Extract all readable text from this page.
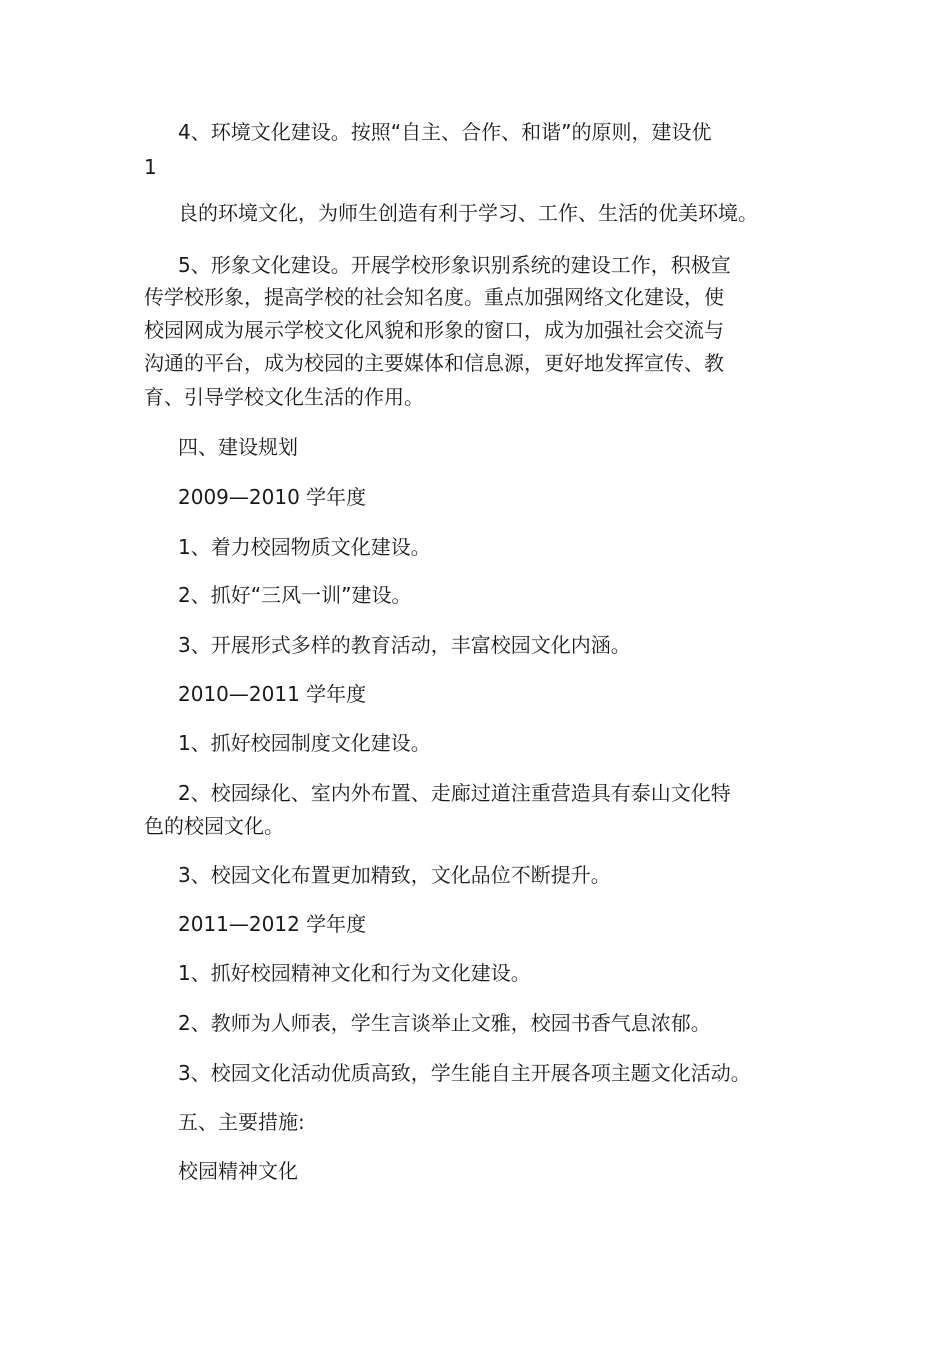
4、环境文化建设。按照“自主、合作、和谐”的原则，建设优

1

良的环境文化，为师生创造有利于学习、工作、生活的优美环境。

5、形象文化建设。开展学校形象识别系统的建设工作，积极宣

传学校形象，提高学校的社会知名度。重点加强网络文化建设，使

校园网成为展示学校文化风貌和形象的窗口，成为加强社会交流与

沟通的平台，成为校园的主要媒体和信息源，更好地发挥宣传、教

育、引导学校文化生活的作用。

四、建设规划

2009—2010 学年度

1、着力校园物质文化建设。

2、抓好“三风一训”建设。

3、开展形式多样的教育活动，丰富校园文化内涵。

2010—2011 学年度

1、抓好校园制度文化建设。

2、校园绿化、室内外布置、走廊过道注重营造具有泰山文化特

色的校园文化。

3、校园文化布置更加精致，文化品位不断提升。

2011—2012 学年度

1、抓好校园精神文化和行为文化建设。

2、教师为人师表，学生言谈举止文雅，校园书香气息浓郁。

3、校园文化活动优质高致，学生能自主开展各项主题文化活动。

五、主要措施:

校园精神文化
